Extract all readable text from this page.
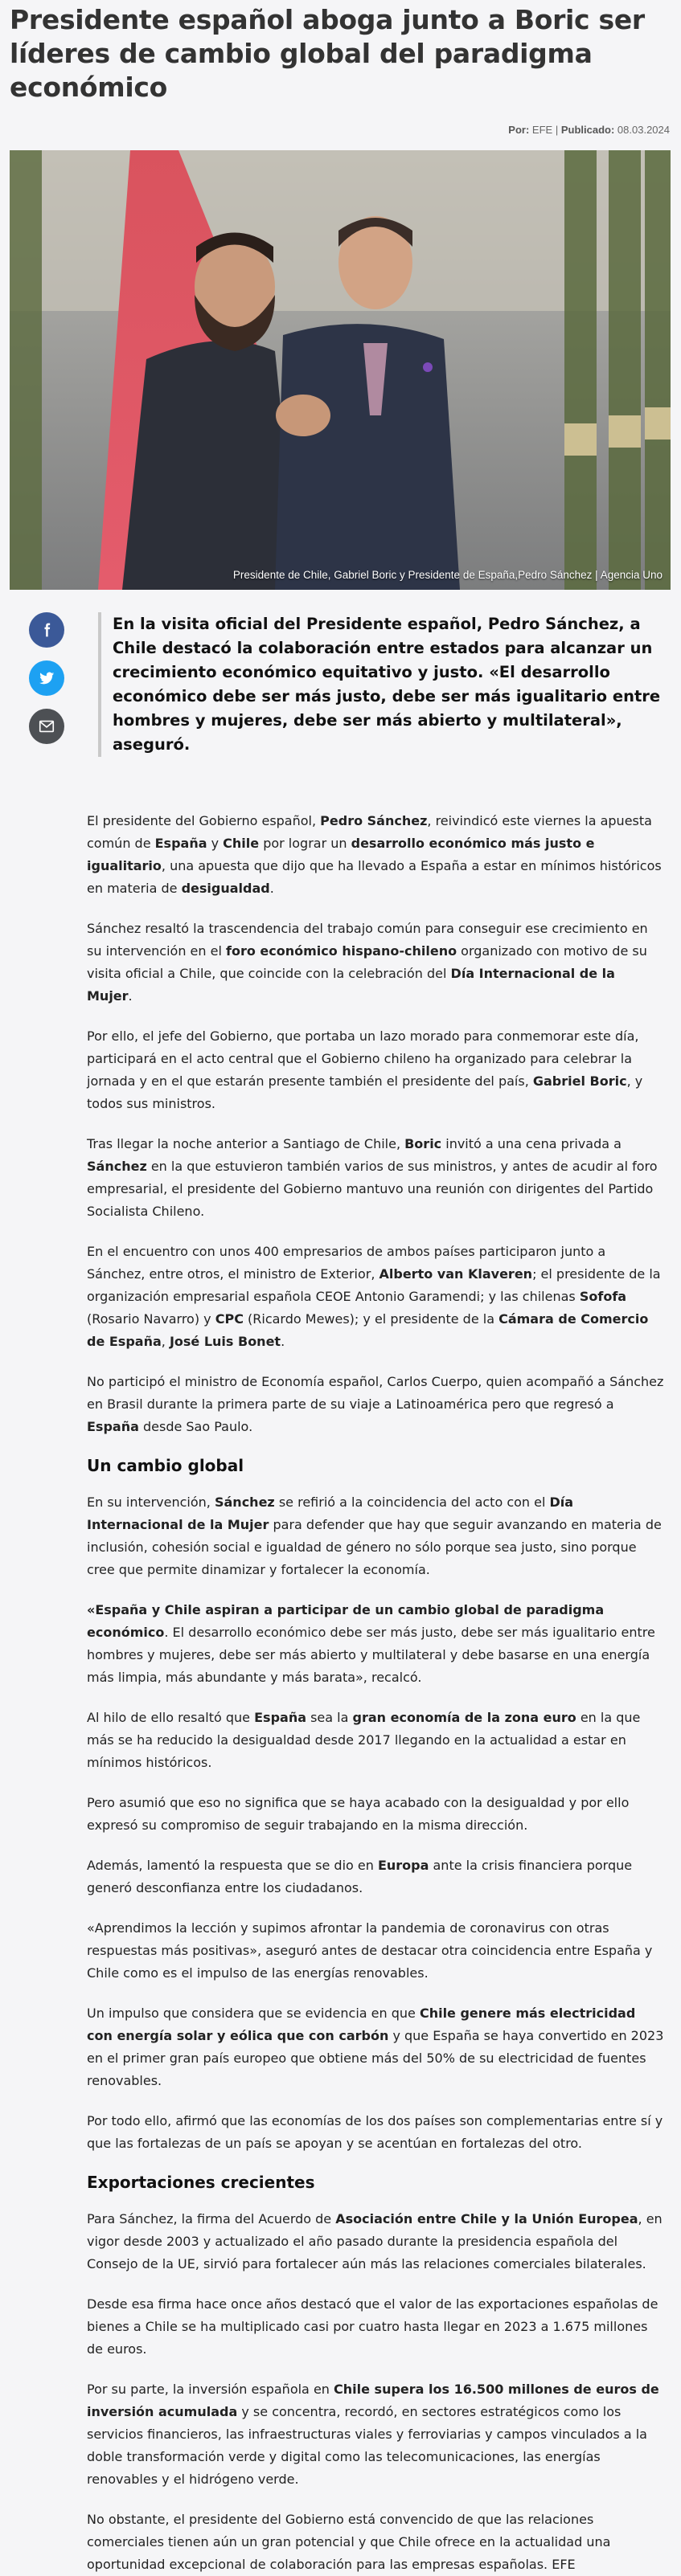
Presidente español aboga junto a Boric ser líderes de cambio global del paradigma económico
Por: EFE | Publicado: 08.03.2024
Presidente de Chile, Gabriel Boric y Presidente de España,Pedro Sánchez | Agencia Uno
En la visita oficial del Presidente español, Pedro Sánchez, a Chile destacó la colaboración entre estados para alcanzar un crecimiento económico equitativo y justo. «El desarrollo económico debe ser más justo, debe ser más igualitario entre hombres y mujeres, debe ser más abierto y multilateral», aseguró.

El presidente del Gobierno español, Pedro Sánchez, reivindicó este viernes la apuesta común de España y Chile por lograr un desarrollo económico más justo e igualitario, una apuesta que dijo que ha llevado a España a estar en mínimos históricos en materia de desigualdad.

Sánchez resaltó la trascendencia del trabajo común para conseguir ese crecimiento en su intervención en el foro económico hispano-chileno organizado con motivo de su visita oficial a Chile, que coincide con la celebración del Día Internacional de la Mujer.

Por ello, el jefe del Gobierno, que portaba un lazo morado para conmemorar este día, participará en el acto central que el Gobierno chileno ha organizado para celebrar la jornada y en el que estarán presente también el presidente del país, Gabriel Boric, y todos sus ministros.

Tras llegar la noche anterior a Santiago de Chile, Boric invitó a una cena privada a Sánchez en la que estuvieron también varios de sus ministros, y antes de acudir al foro empresarial, el presidente del Gobierno mantuvo una reunión con dirigentes del Partido Socialista Chileno.

En el encuentro con unos 400 empresarios de ambos países participaron junto a Sánchez, entre otros, el ministro de Exterior, Alberto van Klaveren; el presidente de la organización empresarial española CEOE Antonio Garamendi; y las chilenas Sofofa (Rosario Navarro) y CPC (Ricardo Mewes); y el presidente de la Cámara de Comercio de España, José Luis Bonet.

No participó el ministro de Economía español, Carlos Cuerpo, quien acompañó a Sánchez en Brasil durante la primera parte de su viaje a Latinoamérica pero que regresó a España desde Sao Paulo.

Un cambio global

En su intervención, Sánchez se refirió a la coincidencia del acto con el Día Internacional de la Mujer para defender que hay que seguir avanzando en materia de inclusión, cohesión social e igualdad de género no sólo porque sea justo, sino porque cree que permite dinamizar y fortalecer la economía.

«España y Chile aspiran a participar de un cambio global de paradigma económico. El desarrollo económico debe ser más justo, debe ser más igualitario entre hombres y mujeres, debe ser más abierto y multilateral y debe basarse en una energía más limpia, más abundante y más barata», recalcó.

Al hilo de ello resaltó que España sea la gran economía de la zona euro en la que más se ha reducido la desigualdad desde 2017 llegando en la actualidad a estar en mínimos históricos.

Pero asumió que eso no significa que se haya acabado con la desigualdad y por ello expresó su compromiso de seguir trabajando en la misma dirección.

Además, lamentó la respuesta que se dio en Europa ante la crisis financiera porque generó desconfianza entre los ciudadanos.

«Aprendimos la lección y supimos afrontar la pandemia de coronavirus con otras respuestas más positivas», aseguró antes de destacar otra coincidencia entre España y Chile como es el impulso de las energías renovables.

Un impulso que considera que se evidencia en que Chile genere más electricidad con energía solar y eólica que con carbón y que España se haya convertido en 2023 en el primer gran país europeo que obtiene más del 50% de su electricidad de fuentes renovables.

Por todo ello, afirmó que las economías de los dos países son complementarias entre sí y que las fortalezas de un país se apoyan y se acentúan en fortalezas del otro.

Exportaciones crecientes

Para Sánchez, la firma del Acuerdo de Asociación entre Chile y la Unión Europea, en vigor desde 2003 y actualizado el año pasado durante la presidencia española del Consejo de la UE, sirvió para fortalecer aún más las relaciones comerciales bilaterales.

Desde esa firma hace once años destacó que el valor de las exportaciones españolas de bienes a Chile se ha multiplicado casi por cuatro hasta llegar en 2023 a 1.675 millones de euros.

Por su parte, la inversión española en Chile supera los 16.500 millones de euros de inversión acumulada y se concentra, recordó, en sectores estratégicos como los servicios financieros, las infraestructuras viales y ferroviarias y campos vinculados a la doble transformación verde y digital como las telecomunicaciones, las energías renovables y el hidrógeno verde.

No obstante, el presidente del Gobierno está convencido de que las relaciones comerciales tienen aún un gran potencial y que Chile ofrece en la actualidad una oportunidad excepcional de colaboración para las empresas españolas. EFE
